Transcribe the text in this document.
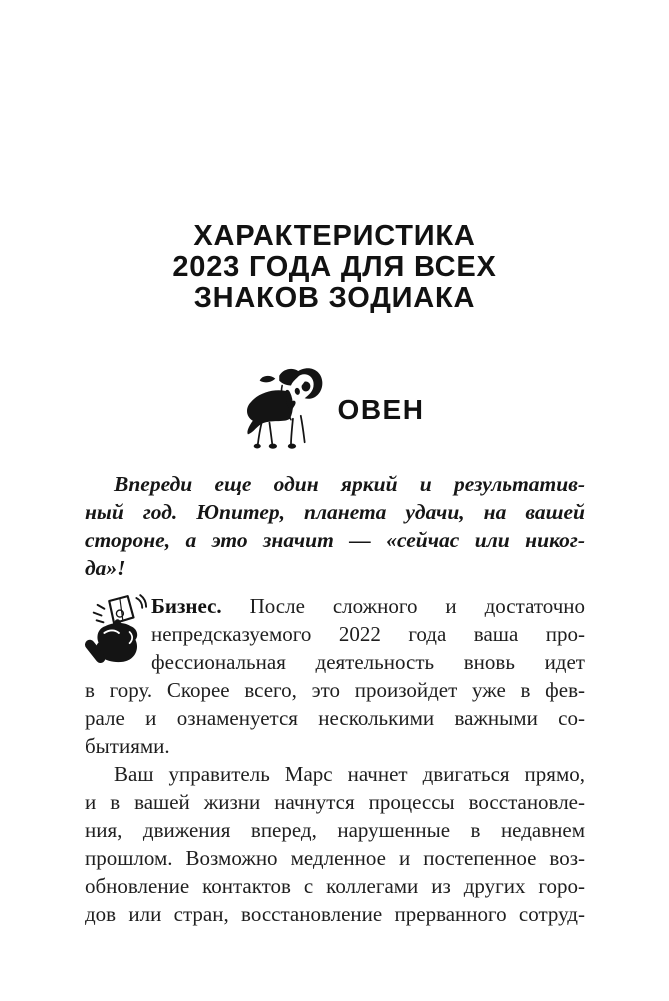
ХАРАКТЕРИСТИКА
2023 ГОДА ДЛЯ ВСЕХ
ЗНАКОВ ЗОДИАКА
ОВЕН
Впереди еще один яркий и результатив-
ный год. Юпитер, планета удачи, на вашей
стороне, а это значит — «сейчас или никог-
да»!
Бизнес. После сложного и достаточно
непредсказуемого 2022 года ваша про-
фессиональная деятельность вновь идет
в гору. Скорее всего, это произойдет уже в фев-
рале и ознаменуется несколькими важными со-
бытиями.
Ваш управитель Марс начнет двигаться прямо,
и в вашей жизни начнутся процессы восстановле-
ния, движения вперед, нарушенные в недавнем
прошлом. Возможно медленное и постепенное воз-
обновление контактов с коллегами из других горо-
дов или стран, восстановление прерванного сотруд-
